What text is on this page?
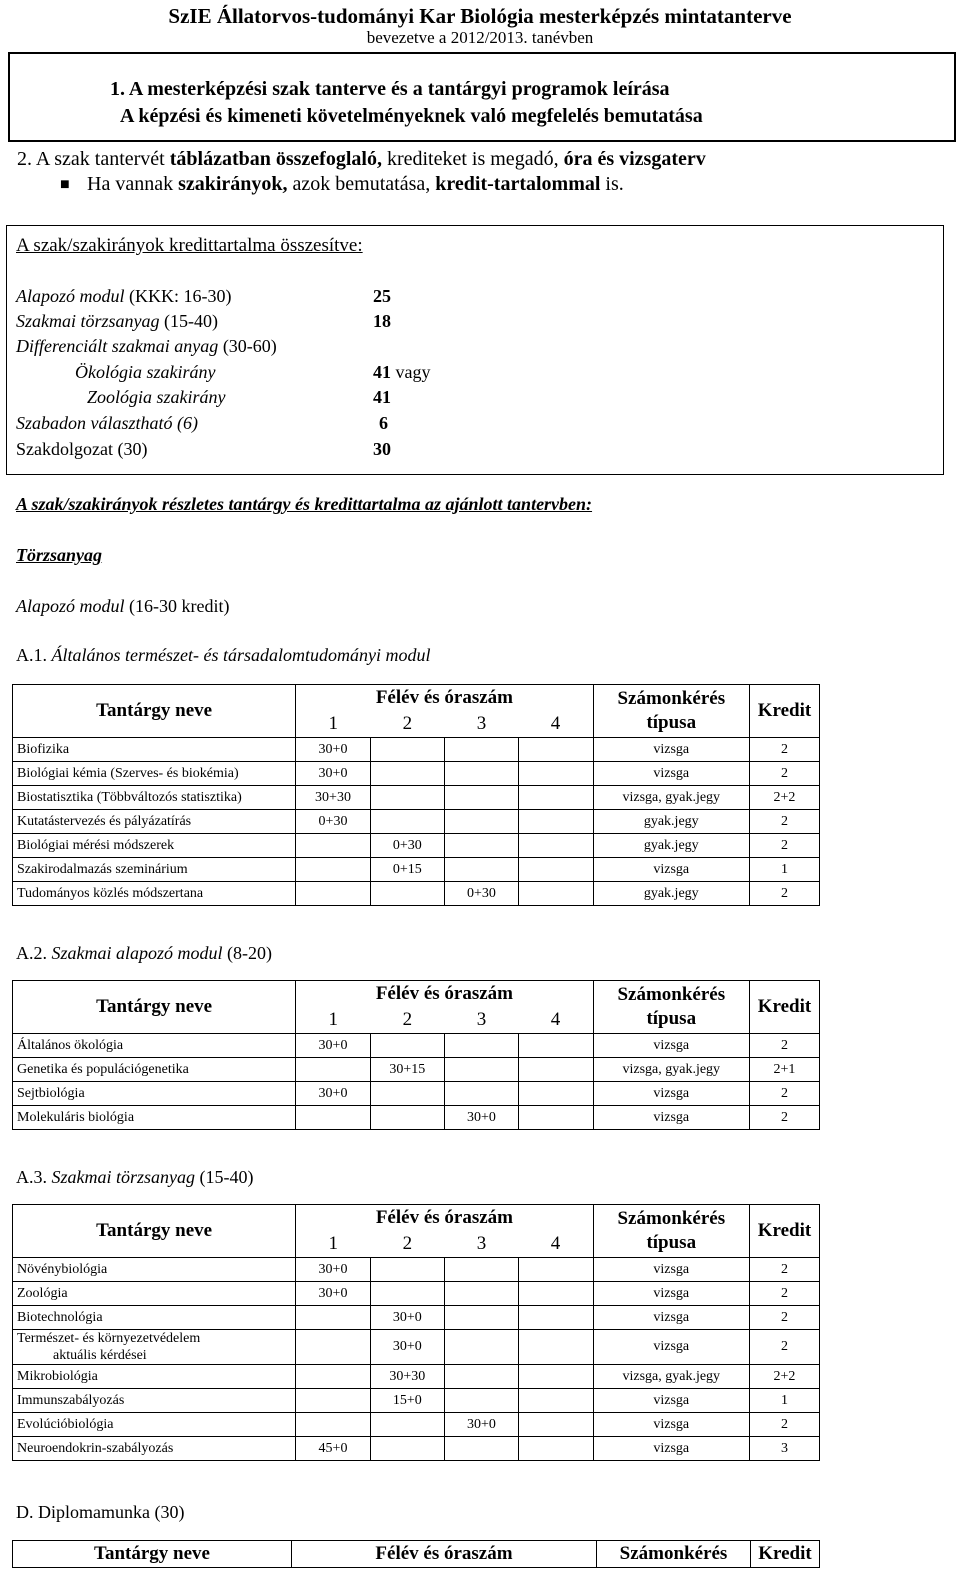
SzIE Állatorvos-tudományi Kar Biológia mesterképzés mintatanterve
bevezetve a 2012/2013. tanévben
1. A mesterképzési szak tanterve és a tantárgyi programok leírása
A képzési és kimeneti követelményeknek való megfelelés bemutatása
2. A szak tantervét táblázatban összefoglaló, krediteket is megadó, óra és vizsgaterv
■ Ha vannak szakirányok, azok bemutatása, kredit-tartalommal is.
A szak/szakirányok kredittartalma összesítve:
Alapozó modul (KKK: 16-30)	25
Szakmai törzsanyag (15-40)	18
Differenciált szakmai anyag (30-60)
Ökológia szakirány	41 vagy
Zoológia szakirány	41
Szabadon választható (6)	6
Szakdolgozat (30)	30
A szak/szakirányok részletes tantárgy és kredittartalma az ajánlott tantervben:
Törzsanyag
Alapozó modul (16-30 kredit)
A.1. Általános természet- és társadalomtudományi modul
Tantárgy neve	Félév és óraszám				Számonkérés
típusa	Kredit
	1	2	3	4		
Biofizika	30+0				vizsga	2
Biológiai kémia (Szerves- és biokémia)	30+0				vizsga	2
Biostatisztika (Többváltozós statisztika)	30+30				vizsga, gyak.jegy	2+2
Kutatástervezés és pályázatírás	0+30				gyak.jegy	2
Biológiai mérési módszerek		0+30			gyak.jegy	2
Szakirodalmazás szeminárium		0+15			vizsga	1
Tudományos közlés módszertana			0+30		gyak.jegy	2
A.2. Szakmai alapozó modul (8-20)
Tantárgy neve	Félév és óraszám				Számonkérés
típusa	Kredit
	1	2	3	4		
Általános ökológia	30+0				vizsga	2
Genetika és populációgenetika		30+15			vizsga, gyak.jegy	2+1
Sejtbiológia	30+0				vizsga	2
Molekuláris biológia			30+0		vizsga	2
A.3. Szakmai törzsanyag (15-40)
Tantárgy neve	Félév és óraszám				Számonkérés
típusa	Kredit
	1	2	3	4		
Növénybiológia	30+0				vizsga	2
Zoológia	30+0				vizsga	2
Biotechnológia		30+0			vizsga	2
Természet- és környezetvédelem
aktuális kérdései		30+0			vizsga	2
Mikrobiológia		30+30			vizsga, gyak.jegy	2+2
Immunszabályozás		15+0			vizsga	1
Evolúcióbiológia			30+0		vizsga	2
Neuroendokrin-szabályozás	45+0				vizsga	3
D. Diplomamunka (30)
Tantárgy neve	Félév és óraszám	Számonkérés	Kredit
